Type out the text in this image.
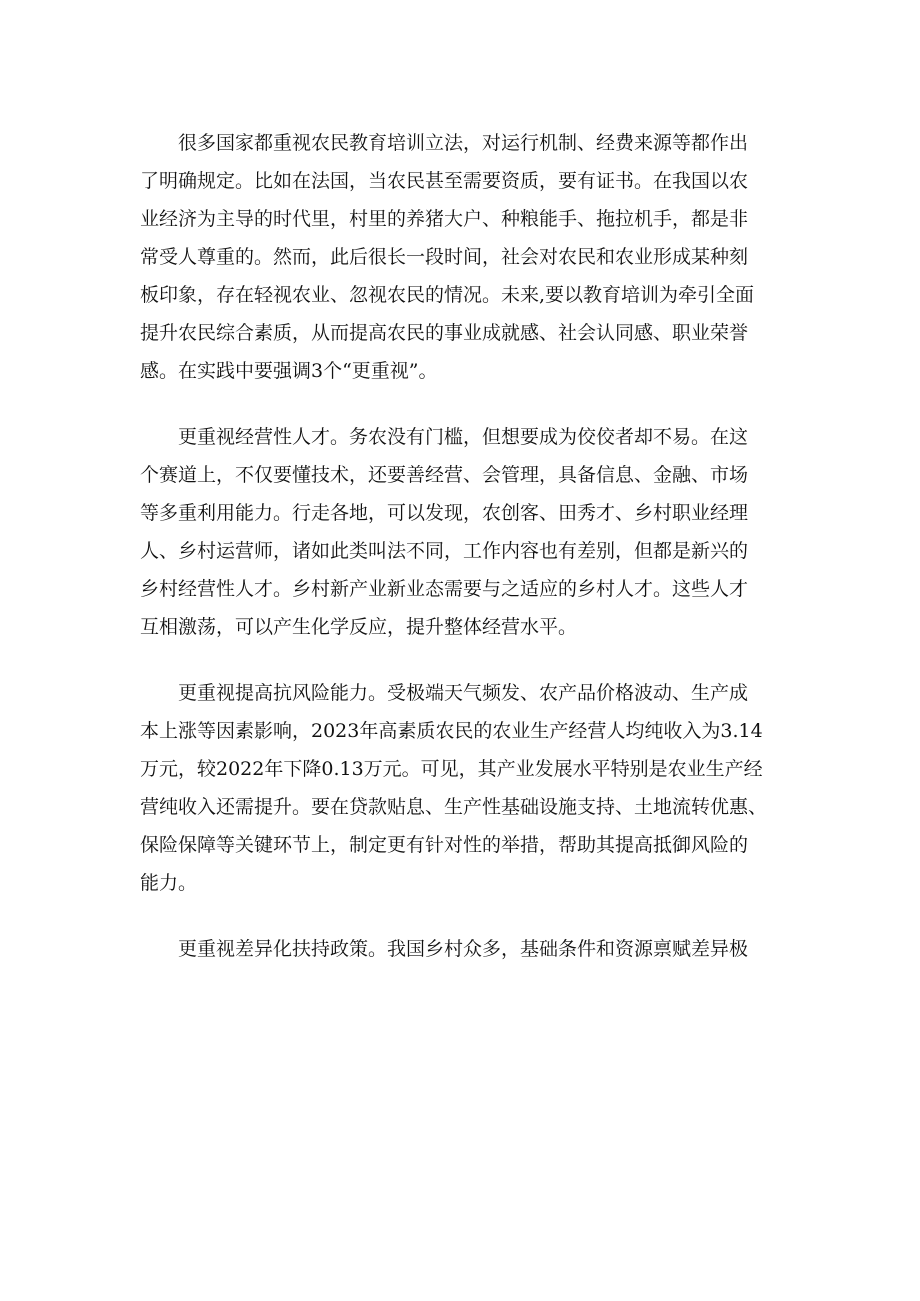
很多国家都重视农民教育培训立法，对运行机制、经费来源等都作出
了明确规定。比如在法国，当农民甚至需要资质，要有证书。在我国以农
业经济为主导的时代里，村里的养猪大户、种粮能手、拖拉机手，都是非
常受人尊重的。然而，此后很长一段时间，社会对农民和农业形成某种刻
板印象，存在轻视农业、忽视农民的情况。未来,要以教育培训为牵引全面
提升农民综合素质，从而提高农民的事业成就感、社会认同感、职业荣誉
感。在实践中要强调3个“更重视”。
更重视经营性人才。务农没有门槛，但想要成为佼佼者却不易。在这
个赛道上，不仅要懂技术，还要善经营、会管理，具备信息、金融、市场
等多重利用能力。行走各地，可以发现，农创客、田秀才、乡村职业经理
人、乡村运营师，诸如此类叫法不同，工作内容也有差别，但都是新兴的
乡村经营性人才。乡村新产业新业态需要与之适应的乡村人才。这些人才
互相激荡，可以产生化学反应，提升整体经营水平。
更重视提高抗风险能力。受极端天气频发、农产品价格波动、生产成
本上涨等因素影响，2023年高素质农民的农业生产经营人均纯收入为3.14
万元，较2022年下降0.13万元。可见，其产业发展水平特别是农业生产经
营纯收入还需提升。要在贷款贴息、生产性基础设施支持、土地流转优惠、
保险保障等关键环节上，制定更有针对性的举措，帮助其提高抵御风险的
能力。
更重视差异化扶持政策。我国乡村众多，基础条件和资源禀赋差异极
